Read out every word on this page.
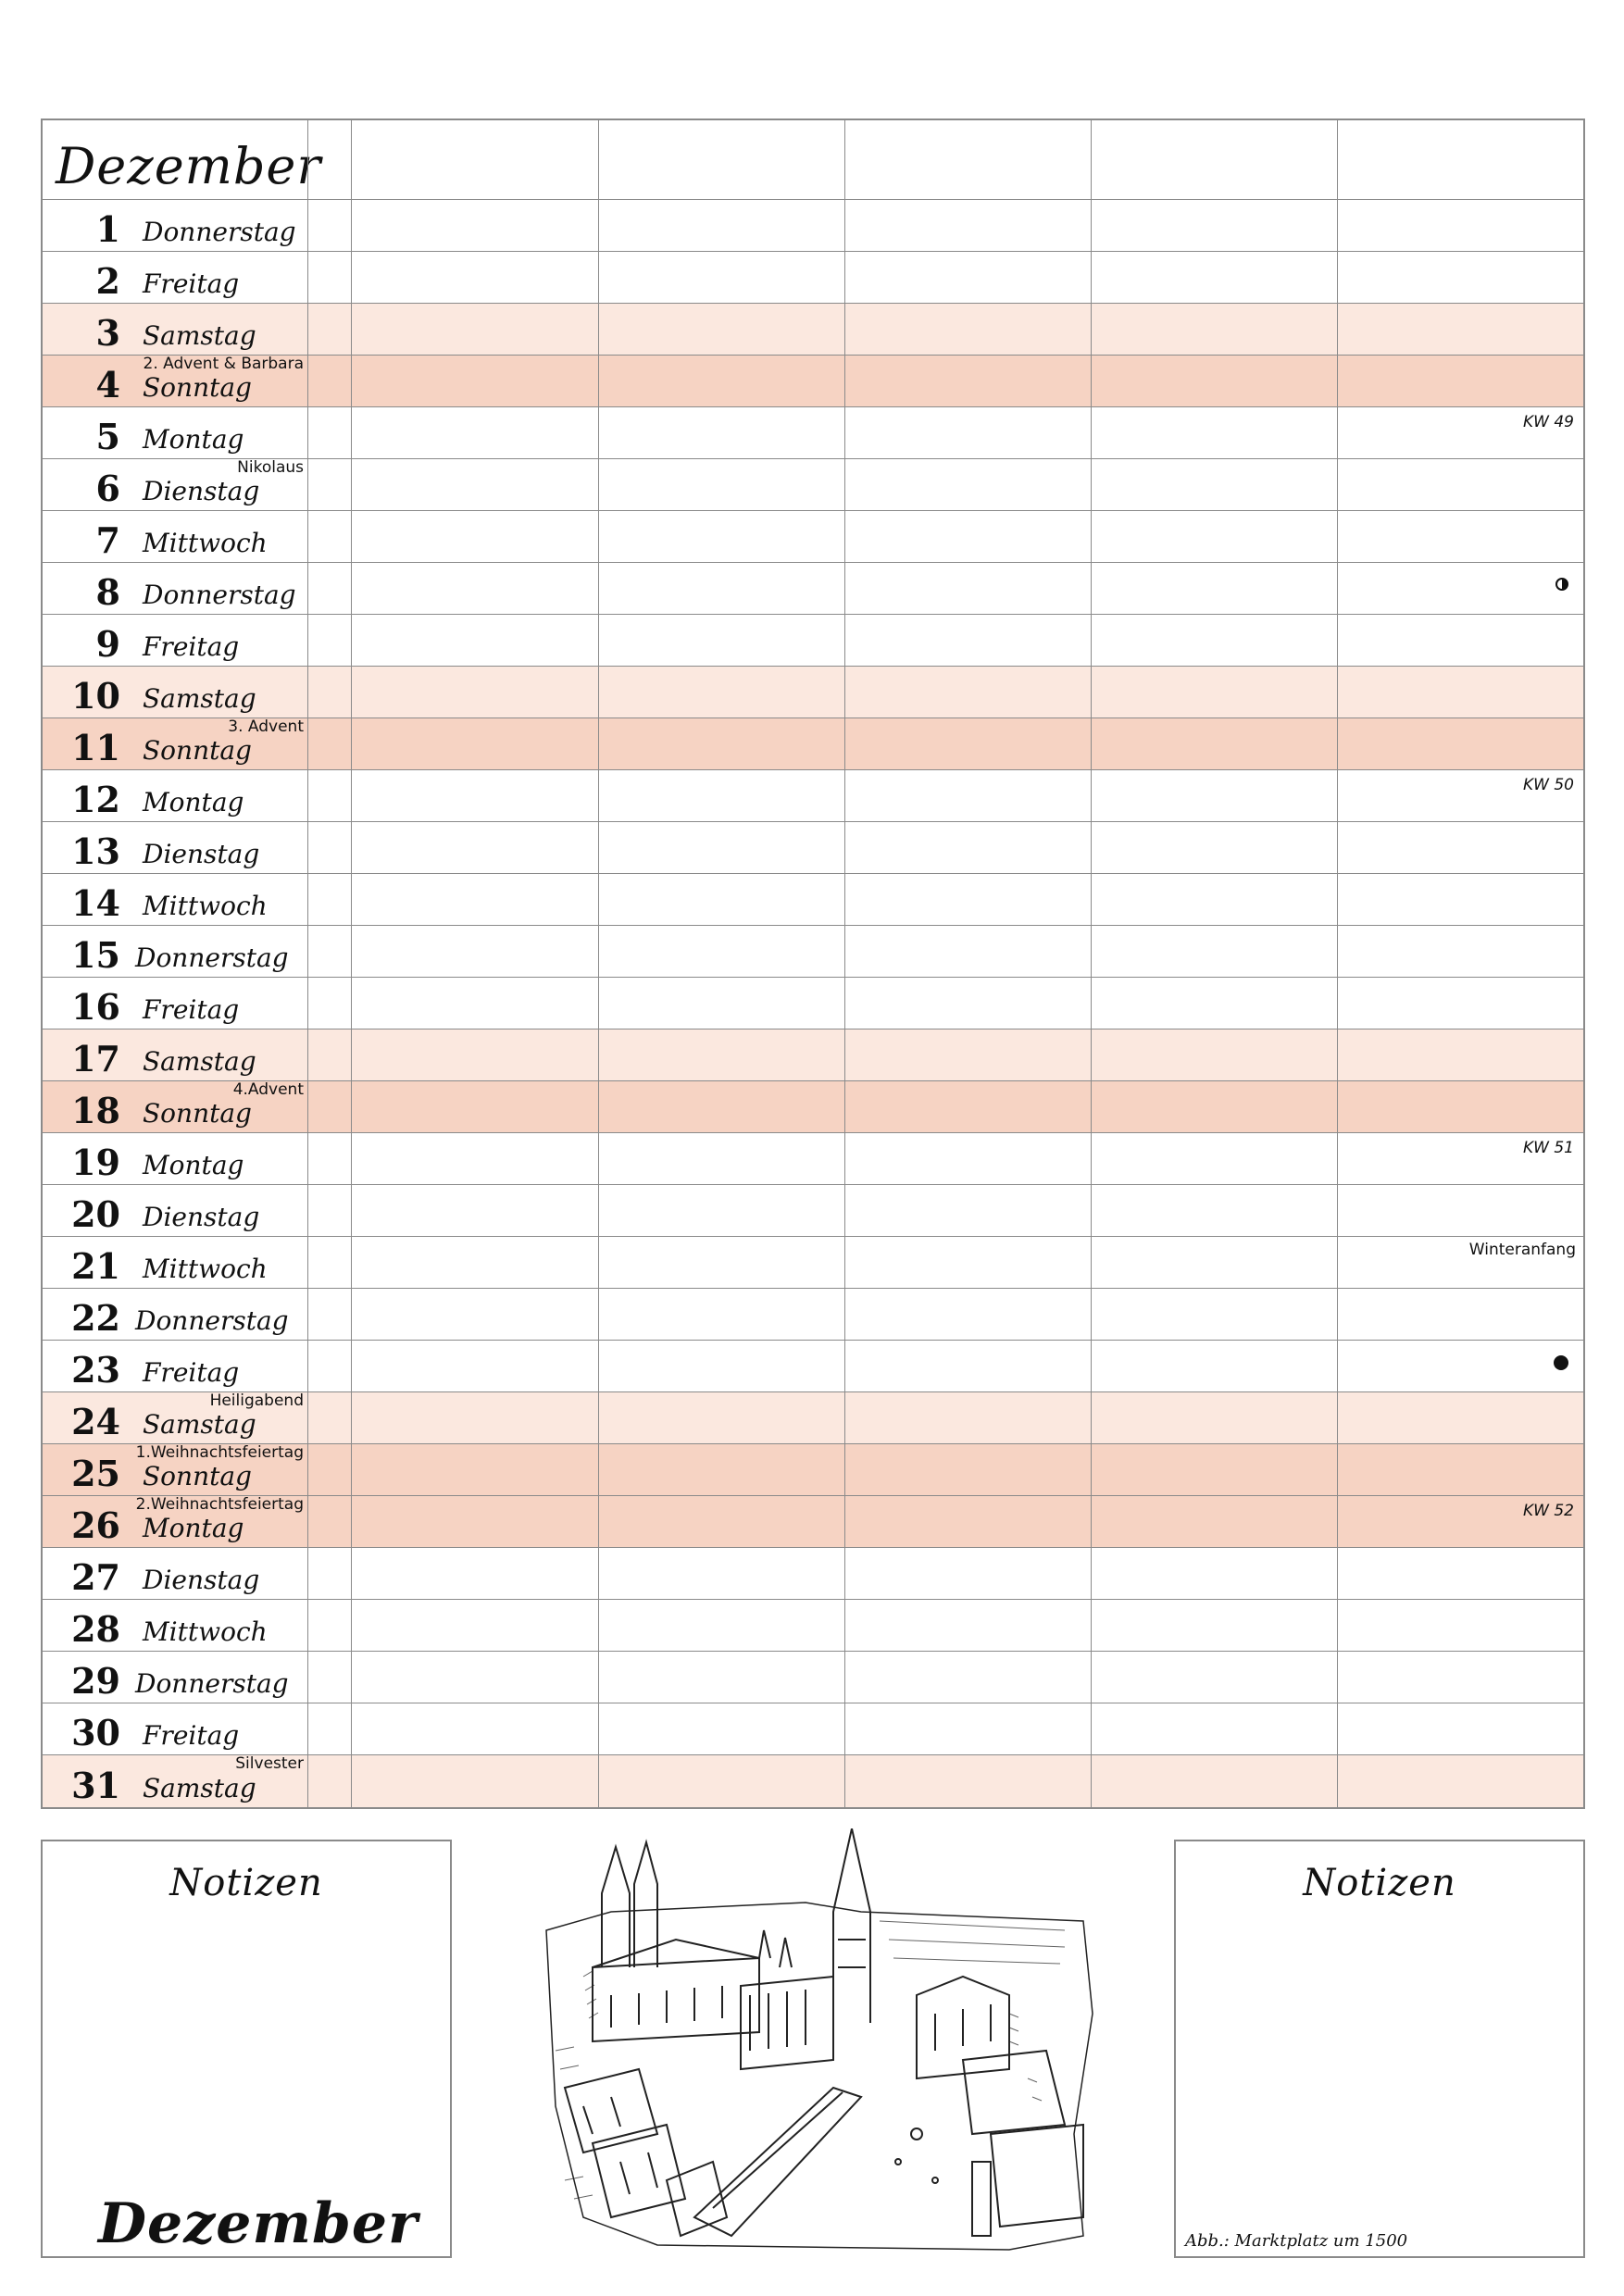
Dezember
1 Donnerstag
2 Freitag
3 Samstag
4 Sonntag
2. Advent & Barbara
5 Montag
KW 49
6 Dienstag
Nikolaus
7 Mittwoch
8 Donnerstag
9 Freitag
10 Samstag
11 Sonntag
3. Advent
12 Montag
KW 50
13 Dienstag
14 Mittwoch
15 Donnerstag
16 Freitag
17 Samstag
18 Sonntag
4.Advent
19 Montag
KW 51
20 Dienstag
21 Mittwoch
Winteranfang
22 Donnerstag
23 Freitag
24 Samstag
Heiligabend
25 Sonntag
1.Weihnachtsfeiertag
26 Montag
2.Weihnachtsfeiertag	KW 52
27 Dienstag
28 Mittwoch
29 Donnerstag
30 Freitag
31 Samstag
Silvester
Notizen
Dezember
Notizen
Abb.: Marktplatz um 1500
